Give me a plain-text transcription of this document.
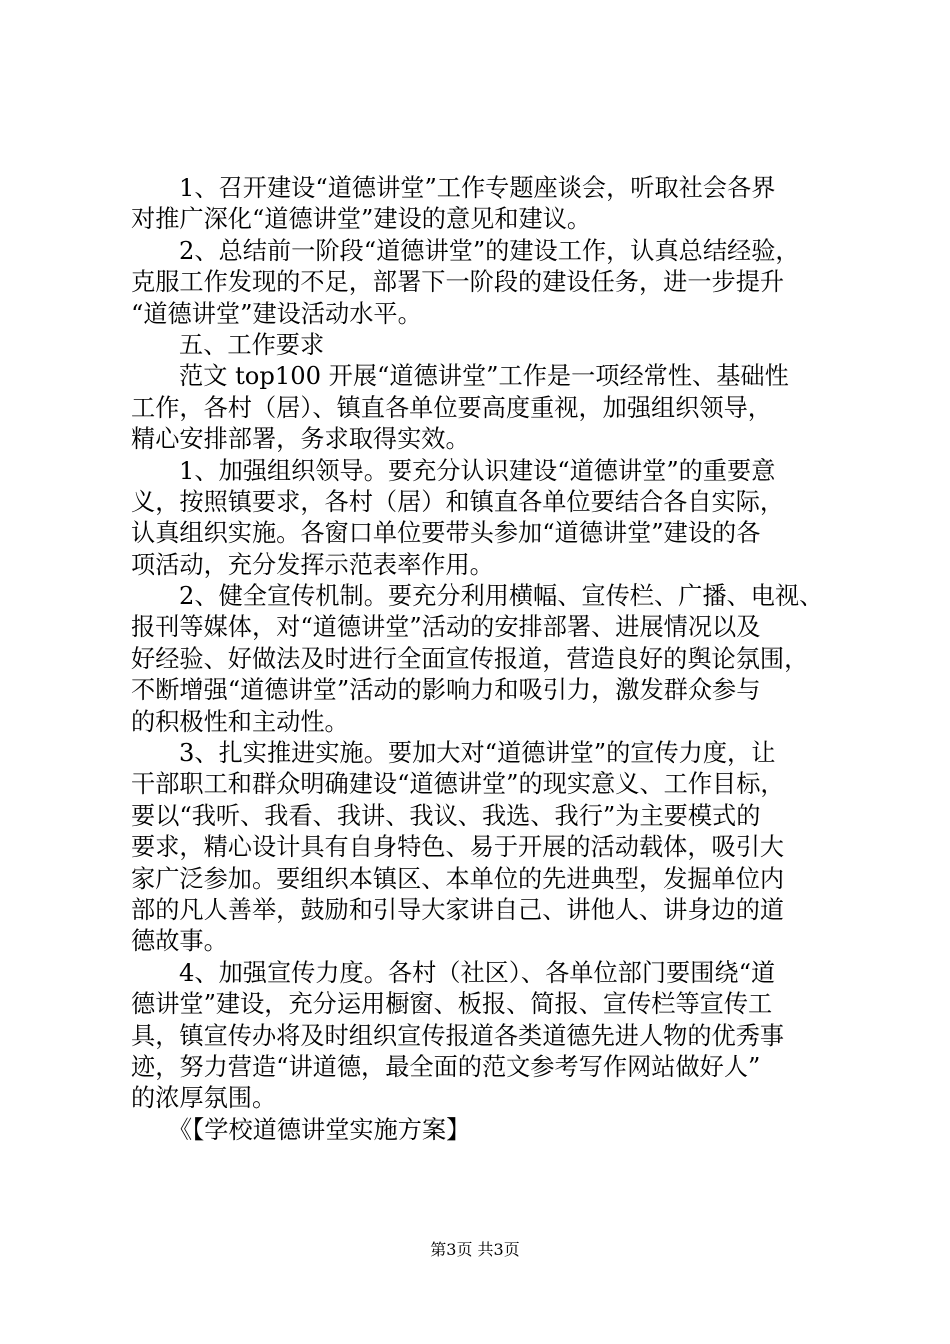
1、召开建设“道德讲堂”工作专题座谈会，听取社会各界
对推广深化“道德讲堂”建设的意见和建议。
2、总结前一阶段“道德讲堂”的建设工作，认真总结经验，
克服工作发现的不足，部署下一阶段的建设任务，进一步提升
“道德讲堂”建设活动水平。
五、工作要求
范文 top100 开展“道德讲堂”工作是一项经常性、基础性
工作，各村（居）、镇直各单位要高度重视，加强组织领导，
精心安排部署，务求取得实效。
1、加强组织领导。要充分认识建设“道德讲堂”的重要意
义，按照镇要求，各村（居）和镇直各单位要结合各自实际，
认真组织实施。各窗口单位要带头参加“道德讲堂”建设的各
项活动，充分发挥示范表率作用。
2、健全宣传机制。要充分利用横幅、宣传栏、广播、电视、
报刊等媒体，对“道德讲堂”活动的安排部署、进展情况以及
好经验、好做法及时进行全面宣传报道，营造良好的舆论氛围，
不断增强“道德讲堂”活动的影响力和吸引力，激发群众参与
的积极性和主动性。
3、扎实推进实施。要加大对“道德讲堂”的宣传力度，让
干部职工和群众明确建设“道德讲堂”的现实意义、工作目标，
要以“我听、我看、我讲、我议、我选、我行”为主要模式的
要求，精心设计具有自身特色、易于开展的活动载体，吸引大
家广泛参加。要组织本镇区、本单位的先进典型，发掘单位内
部的凡人善举，鼓励和引导大家讲自己、讲他人、讲身边的道
德故事。
4、加强宣传力度。各村（社区）、各单位部门要围绕“道
德讲堂”建设，充分运用橱窗、板报、简报、宣传栏等宣传工
具，镇宣传办将及时组织宣传报道各类道德先进人物的优秀事
迹，努力营造“讲道德，最全面的范文参考写作网站做好人”
的浓厚氛围。
《【学校道德讲堂实施方案】
第3页 共3页
